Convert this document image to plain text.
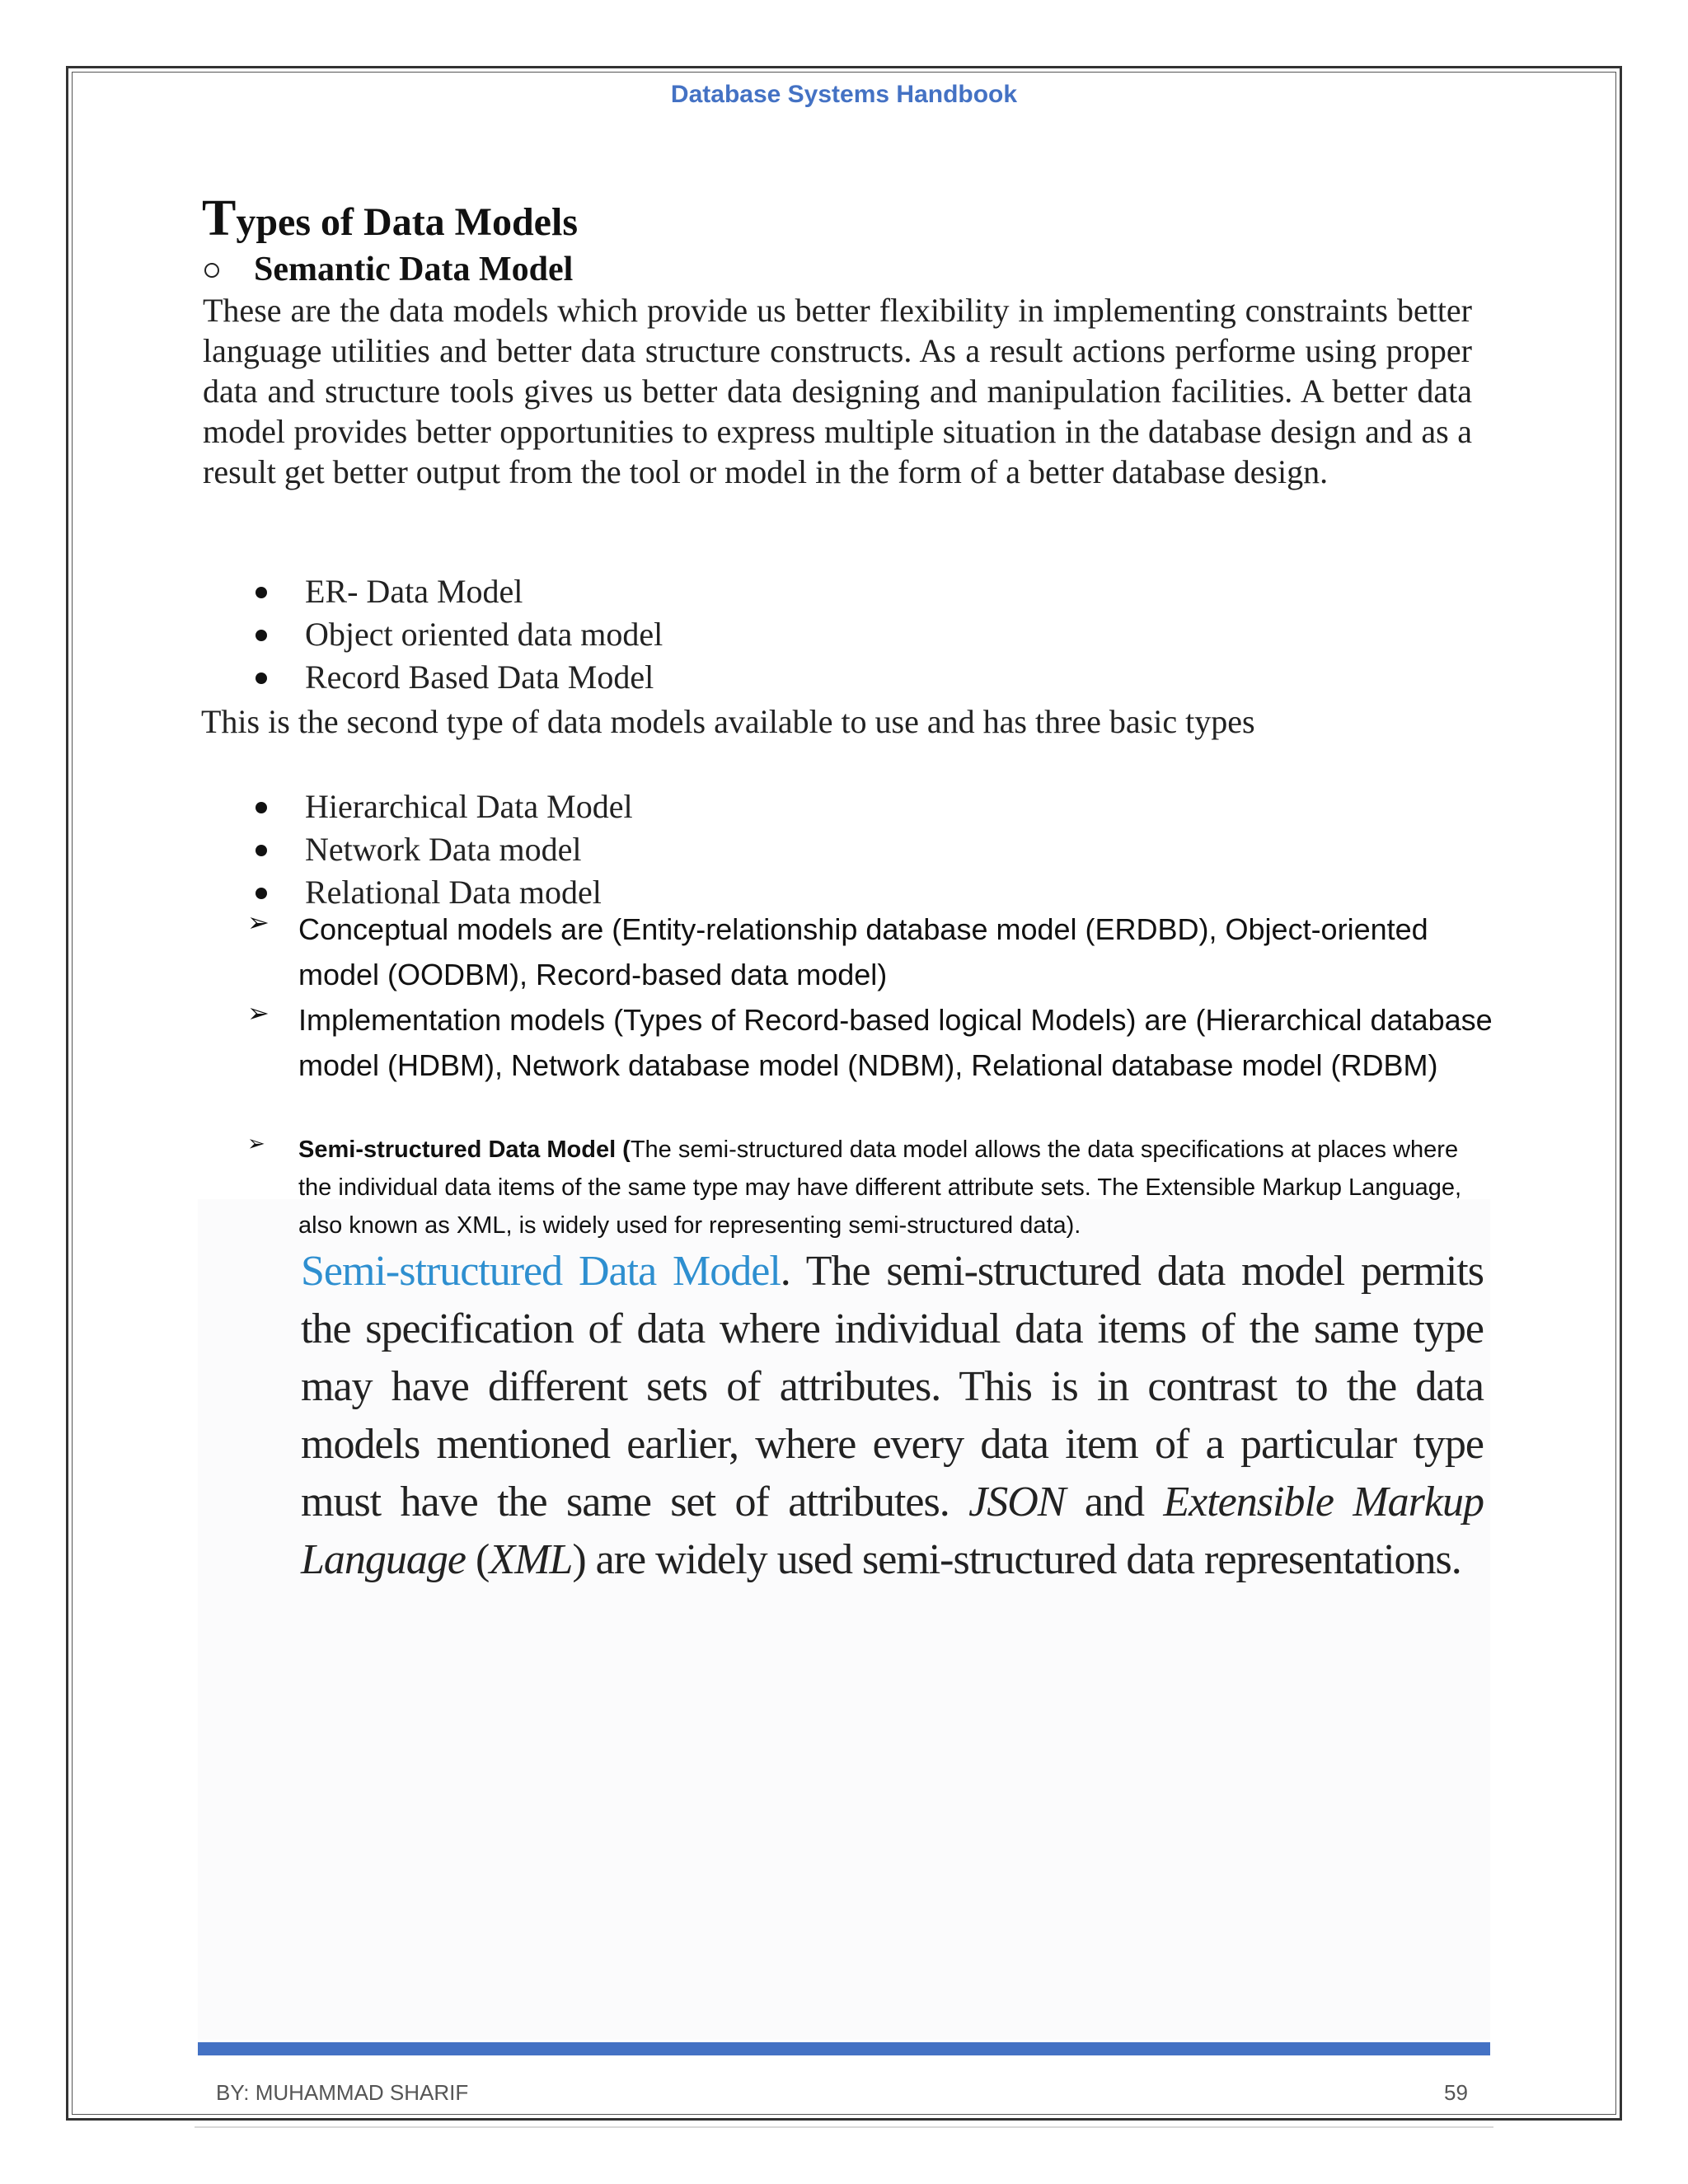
Database Systems Handbook
Types of Data Models
Semantic Data Model

These are the data models which provide us better flexibility in implementing constraints better language utilities and better data structure constructs. As a result actions performe using proper data and structure tools gives us better data designing and manipulation facilities. A better data model provides better opportunities to express multiple situation in the database design and as a result get better output from the tool or model in the form of a better database design.

ER- Data Model
Object oriented data model
Record Based Data Model
This is the second type of data models available to use and has three basic types
Hierarchical Data Model
Network Data model
Relational Data model
➢ Conceptual models are (Entity-relationship database model (ERDBD), Object-oriented model (OODBM), Record-based data model)
➢ Implementation models (Types of Record-based logical Models) are (Hierarchical database model (HDBM), Network database model (NDBM), Relational database model (RDBM)
➢ Semi-structured Data Model (The semi-structured data model allows the data specifications at places where the individual data items of the same type may have different attribute sets. The Extensible Markup Language, also known as XML, is widely used for representing semi-structured data).

Semi-structured Data Model. The semi-structured data model permits the specification of data where individual data items of the same type may have different sets of attributes. This is in contrast to the data models mentioned earlier, where every data item of a particular type must have the same set of attributes. JSON and Extensible Markup Language (XML) are widely used semi-structured data representations.

BY: MUHAMMAD SHARIF	59
